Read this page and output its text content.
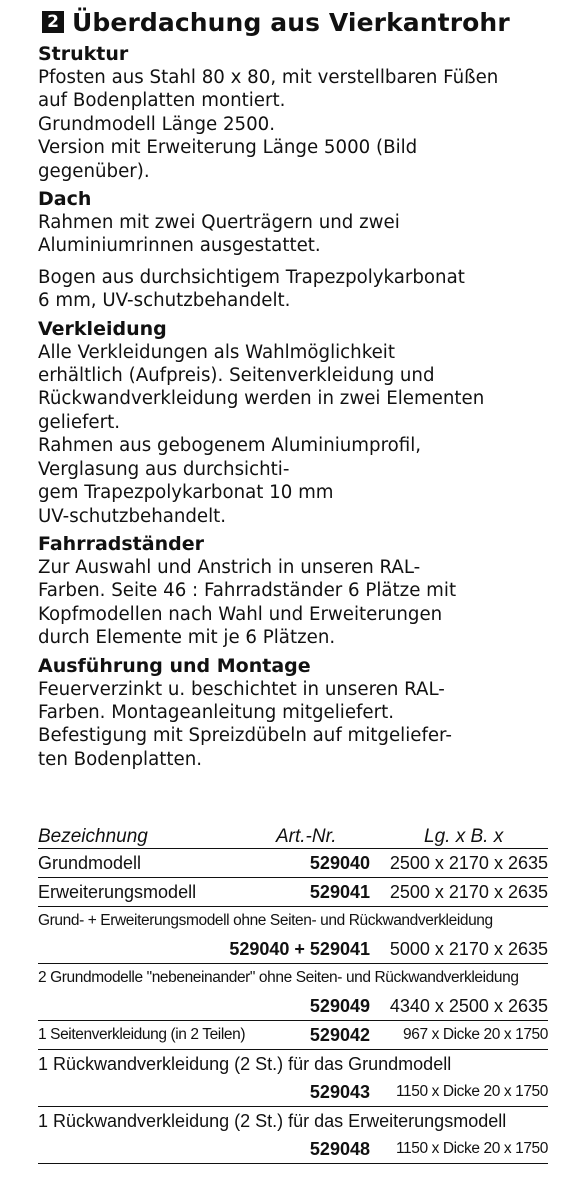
2 Überdachung aus Vierkantrohr
Struktur
Pfosten aus Stahl 80 x 80, mit verstellbaren Füßen
auf Bodenplatten montiert.
Grundmodell Länge 2500.
Version mit Erweiterung Länge 5000 (Bild
gegenüber).
Dach
Rahmen mit zwei Querträgern und zwei
Aluminiumrinnen ausgestattet.
Bogen aus durchsichtigem Trapezpolykarbonat
6 mm, UV-schutzbehandelt.
Verkleidung
Alle Verkleidungen als Wahlmöglichkeit
erhältlich (Aufpreis). Seitenverkleidung und
Rückwandverkleidung werden in zwei Elementen
geliefert.
Rahmen aus gebogenem Aluminiumprofil,
Verglasung aus durchsichti-
gem Trapezpolykarbonat 10 mm
UV-schutzbehandelt.
Fahrradständer
Zur Auswahl und Anstrich in unseren RAL-
Farben. Seite 46 : Fahrradständer 6 Plätze mit
Kopfmodellen nach Wahl und Erweiterungen
durch Elemente mit je 6 Plätzen.
Ausführung und Montage
Feuerverzinkt u. beschichtet in unseren RAL-
Farben. Montageanleitung mitgeliefert.
Befestigung mit Spreizdübeln auf mitgeliefer-
ten Bodenplatten.
Bezeichnung	Art.-Nr.	Lg. x B. x
Grundmodell	529040	2500 x 2170 x 2635
Erweiterungsmodell	529041	2500 x 2170 x 2635
Grund- + Erweiterungsmodell ohne Seiten- und Rückwandverkleidung
529040 + 529041	5000 x 2170 x 2635
2 Grundmodelle "nebeneinander" ohne Seiten- und Rückwandverkleidung
529049	4340 x 2500 x 2635
1 Seitenverkleidung (in 2 Teilen)	529042	967 x Dicke 20 x 1750
1 Rückwandverkleidung (2 St.) für das Grundmodell
529043	1150 x Dicke 20 x 1750
1 Rückwandverkleidung (2 St.) für das Erweiterungsmodell
529048	1150 x Dicke 20 x 1750
